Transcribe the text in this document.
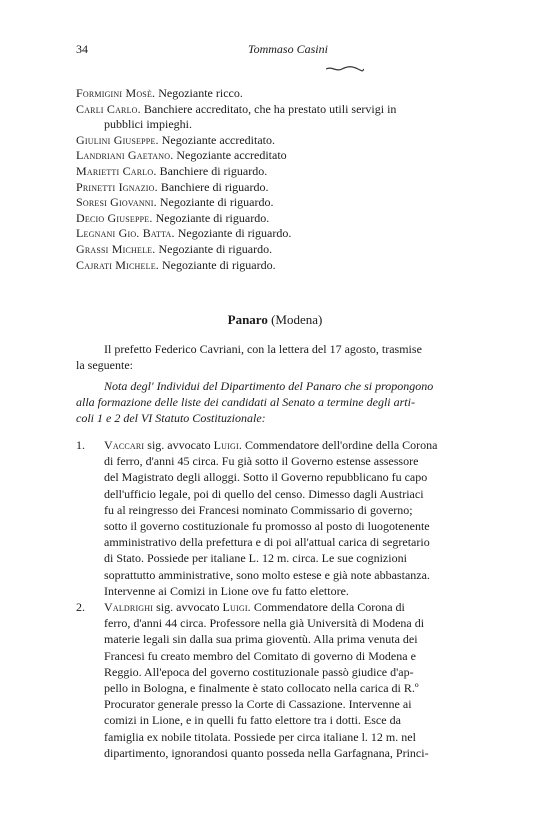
34	Tommaso Casini
Formigini Mosè. Negoziante ricco.
Carli Carlo. Banchiere accreditato, che ha prestato utili servigi in
pubblici impieghi.
Giulini Giuseppe. Negoziante accreditato.
Landriani Gaetano. Negoziante accreditato
Marietti Carlo. Banchiere di riguardo.
Prinetti Ignazio. Banchiere di riguardo.
Soresi Giovanni. Negoziante di riguardo.
Decio Giuseppe. Negoziante di riguardo.
Legnani Gio. Batta. Negoziante di riguardo.
Grassi Michele. Negoziante di riguardo.
Cajrati Michele. Negoziante di riguardo.
Panaro (Modena)
Il prefetto Federico Cavriani, con la lettera del 17 agosto, trasmise
la seguente:
Nota degl' Individui del Dipartimento del Panaro che si propongono
alla formazione delle liste dei candidati al Senato a termine degli arti-
coli 1 e 2 del VI Statuto Costituzionale:
1. Vaccari sig. avvocato Luigi. Commendatore dell'ordine della Corona
di ferro, d'anni 45 circa. Fu già sotto il Governo estense assessore
del Magistrato degli alloggi. Sotto il Governo repubblicano fu capo
dell'ufficio legale, poi di quello del censo. Dimesso dagli Austriaci
fu al reingresso dei Francesi nominato Commissario di governo;
sotto il governo costituzionale fu promosso al posto di luogotenente
amministrativo della prefettura e di poi all'attual carica di segretario
di Stato. Possiede per italiane L. 12 m. circa. Le sue cognizioni
soprattutto amministrative, sono molto estese e già note abbastanza.
Intervenne ai Comizi in Lione ove fu fatto elettore.
2. Valdrighi sig. avvocato Luigi. Commendatore della Corona di
ferro, d'anni 44 circa. Professore nella già Università di Modena di
materie legali sin dalla sua prima gioventù. Alla prima venuta dei
Francesi fu creato membro del Comitato di governo di Modena e
Reggio. All'epoca del governo costituzionale passò giudice d'ap-
pello in Bologna, e finalmente è stato collocato nella carica di R.º
Procurator generale presso la Corte di Cassazione. Intervenne ai
comizi in Lione, e in quelli fu fatto elettore tra i dotti. Esce da
famiglia ex nobile titolata. Possiede per circa italiane l. 12 m. nel
dipartimento, ignorandosi quanto posseda nella Garfagnana, Princi-
